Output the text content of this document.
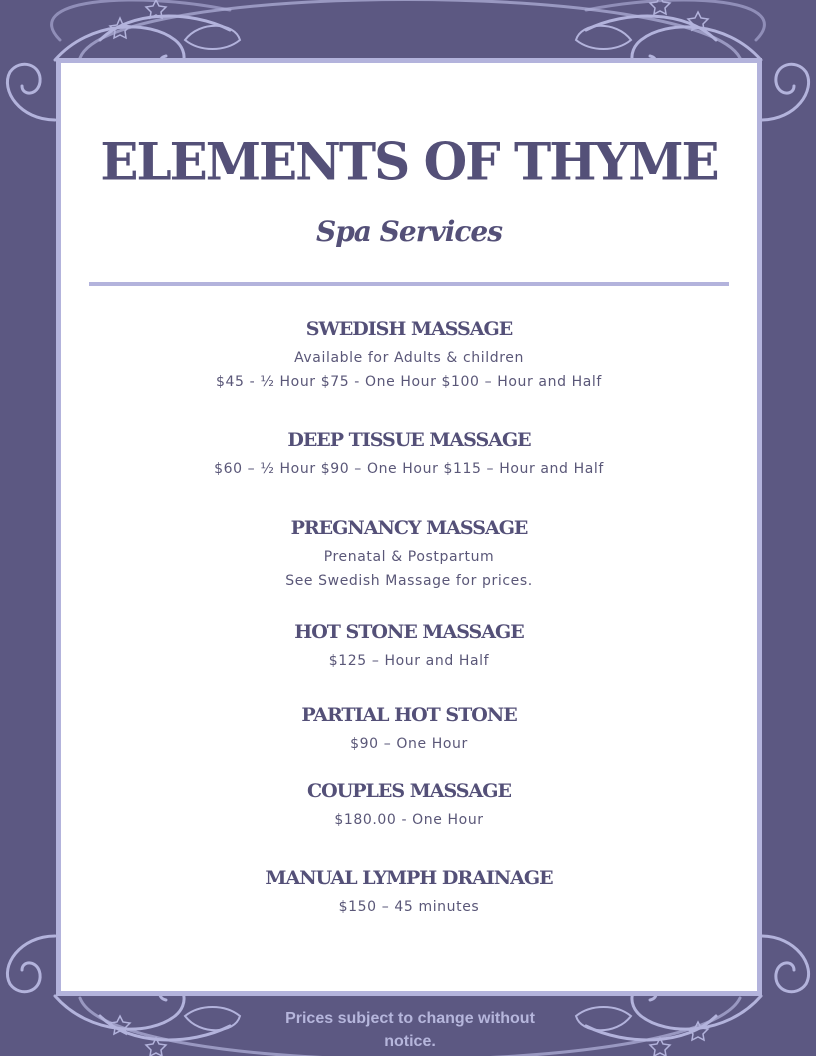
ELEMENTS OF THYME
Spa Services
SWEDISH MASSAGE

Available for Adults & children

$45 - ½ Hour $75 - One Hour $100 – Hour and Half

DEEP TISSUE MASSAGE

$60 – ½ Hour $90 – One Hour $115 – Hour and Half

PREGNANCY MASSAGE

Prenatal & Postpartum

See Swedish Massage for prices.

HOT STONE MASSAGE

$125 – Hour and Half

PARTIAL HOT STONE

$90 – One Hour

COUPLES MASSAGE

$180.00 - One Hour

MANUAL LYMPH DRAINAGE

$150 – 45 minutes

Prices subject to change without notice.
